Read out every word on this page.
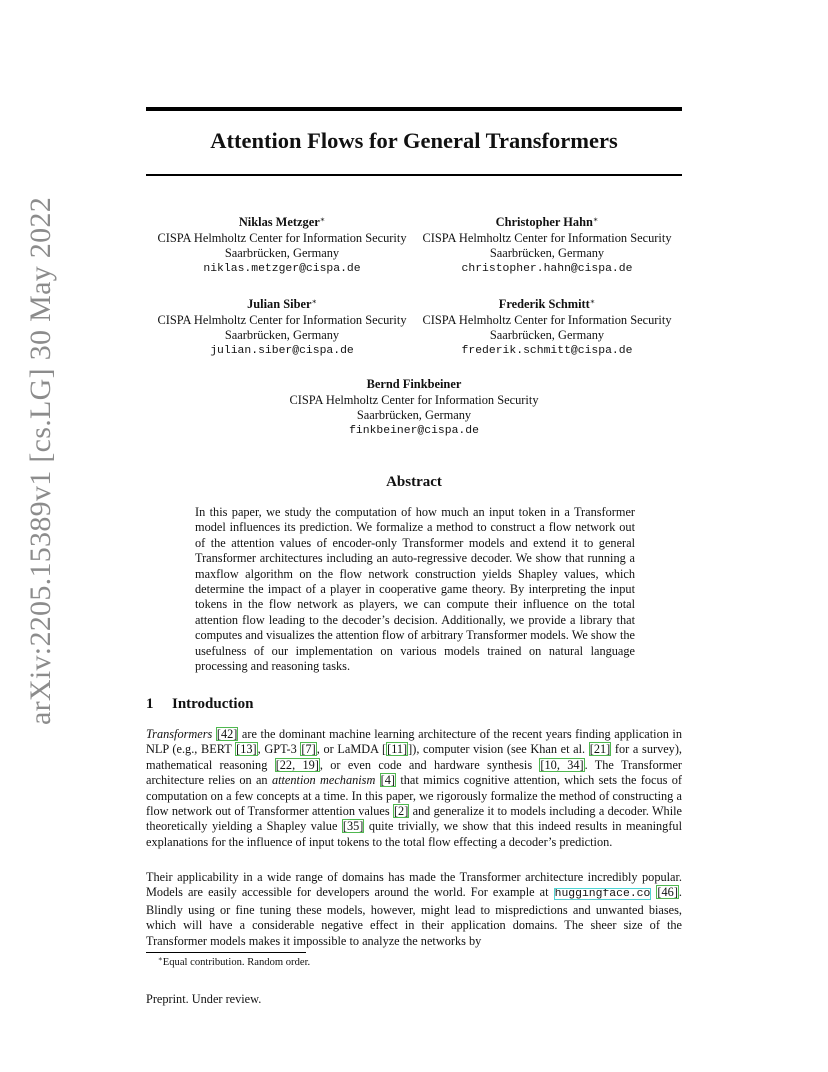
arXiv:2205.15389v1 [cs.LG] 30 May 2022
Attention Flows for General Transformers
Niklas Metzger∗
CISPA Helmholtz Center for Information Security
Saarbrücken, Germany
niklas.metzger@cispa.de
Christopher Hahn∗
CISPA Helmholtz Center for Information Security
Saarbrücken, Germany
christopher.hahn@cispa.de
Julian Siber∗
CISPA Helmholtz Center for Information Security
Saarbrücken, Germany
julian.siber@cispa.de
Frederik Schmitt∗
CISPA Helmholtz Center for Information Security
Saarbrücken, Germany
frederik.schmitt@cispa.de
Bernd Finkbeiner
CISPA Helmholtz Center for Information Security
Saarbrücken, Germany
finkbeiner@cispa.de
Abstract
In this paper, we study the computation of how much an input token in a Transformer model influences its prediction. We formalize a method to construct a flow network out of the attention values of encoder-only Transformer models and extend it to general Transformer architectures including an auto-regressive decoder. We show that running a maxflow algorithm on the flow network construction yields Shapley values, which determine the impact of a player in cooperative game theory. By interpreting the input tokens in the flow network as players, we can compute their influence on the total attention flow leading to the decoder’s decision. Additionally, we provide a library that computes and visualizes the attention flow of arbitrary Transformer models. We show the usefulness of our implementation on various models trained on natural language processing and reasoning tasks.
1 Introduction

Transformers [42] are the dominant machine learning architecture of the recent years finding application in NLP (e.g., BERT [13], GPT-3 [7], or LaMDA [[11]]), computer vision (see Khan et al. [21] for a survey), mathematical reasoning [22, 19], or even code and hardware synthesis [10, 34]. The Transformer architecture relies on an attention mechanism [4] that mimics cognitive attention, which sets the focus of computation on a few concepts at a time. In this paper, we rigorously formalize the method of constructing a flow network out of Transformer attention values [2] and generalize it to models including a decoder. While theoretically yielding a Shapley value [35] quite trivially, we show that this indeed results in meaningful explanations for the influence of input tokens to the total flow effecting a decoder’s prediction.

Their applicability in a wide range of domains has made the Transformer architecture incredibly popular. Models are easily accessible for developers around the world. For example at huggingface.co [46]. Blindly using or fine tuning these models, however, might lead to mispredictions and unwanted biases, which will have a considerable negative effect in their application domains. The sheer size of the Transformer models makes it impossible to analyze the networks by

∗Equal contribution. Random order.
Preprint. Under review.
